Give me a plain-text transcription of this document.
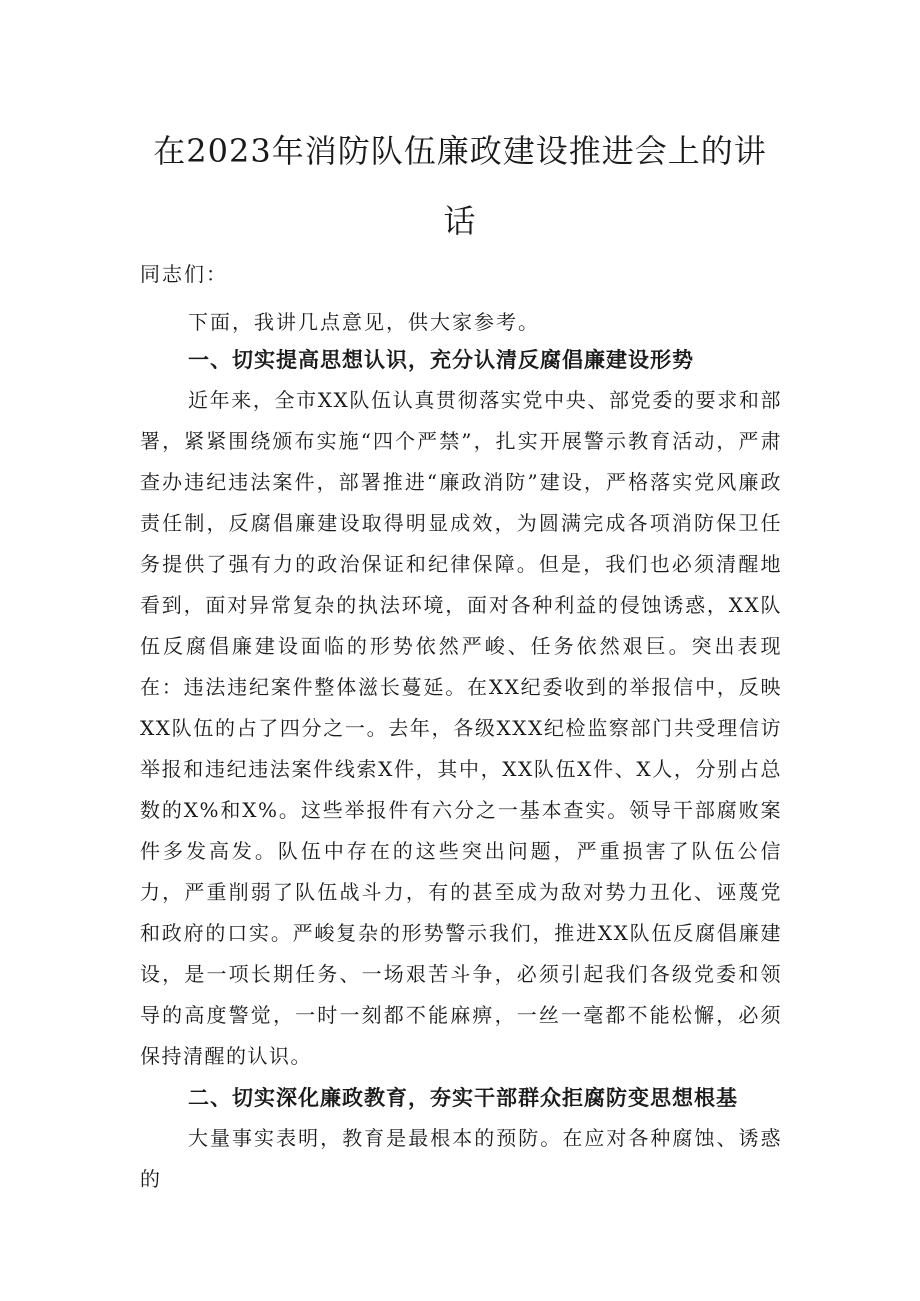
在2023年消防队伍廉政建设推进会上的讲
话
同志们：
下面，我讲几点意见，供大家参考。
一、切实提高思想认识，充分认清反腐倡廉建设形势

近年来，全市XX队伍认真贯彻落实党中央、部党委的要求和部署，紧紧围绕颁布实施“四个严禁”，扎实开展警示教育活动，严肃查办违纪违法案件，部署推进“廉政消防”建设，严格落实党风廉政责任制，反腐倡廉建设取得明显成效，为圆满完成各项消防保卫任务提供了强有力的政治保证和纪律保障。但是，我们也必须清醒地看到，面对异常复杂的执法环境，面对各种利益的侵蚀诱惑，XX队伍反腐倡廉建设面临的形势依然严峻、任务依然艰巨。突出表现在：违法违纪案件整体滋长蔓延。在XX纪委收到的举报信中，反映XX队伍的占了四分之一。去年，各级XXX纪检监察部门共受理信访举报和违纪违法案件线索X件，其中，XX队伍X件、X人，分别占总数的X%和X%。这些举报件有六分之一基本查实。领导干部腐败案件多发高发。队伍中存在的这些突出问题，严重损害了队伍公信力，严重削弱了队伍战斗力，有的甚至成为敌对势力丑化、诬蔑党和政府的口实。严峻复杂的形势警示我们，推进XX队伍反腐倡廉建设，是一项长期任务、一场艰苦斗争，必须引起我们各级党委和领导的高度警觉，一时一刻都不能麻痹，一丝一毫都不能松懈，必须保持清醒的认识。

二、切实深化廉政教育，夯实干部群众拒腐防变思想根基

大量事实表明，教育是最根本的预防。在应对各种腐蚀、诱惑的
